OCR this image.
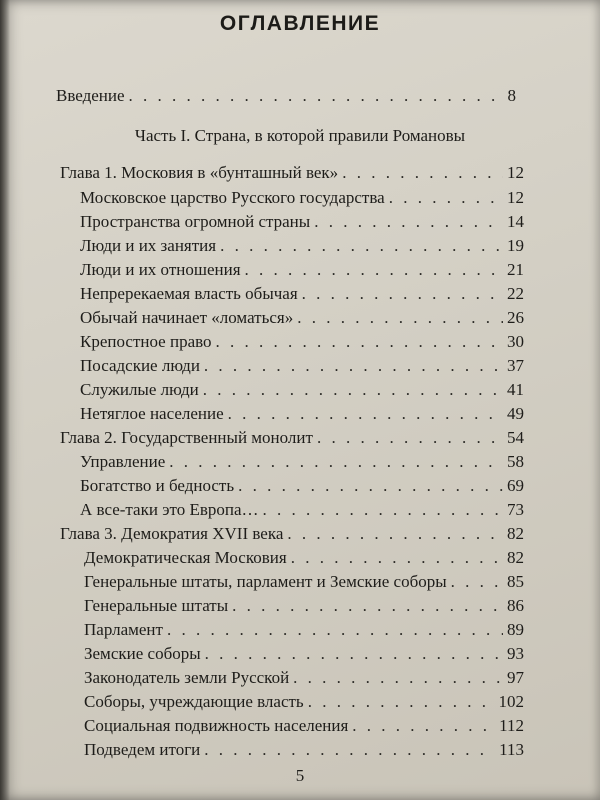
ОГЛАВЛЕНИЕ
Введение . . .	8
Часть I. Страна, в которой правили Романовы
Глава 1. Московия в «бунташный век» . . .	12
Московское царство Русского государства . . .	12
Пространства огромной страны . . .	14
Люди и их занятия . . .	19
Люди и их отношения . . .	21
Непререкаемая власть обычая . . .	22
Обычай начинает «ломаться» . . .	26
Крепостное право . . .	30
Посадские люди . . .	37
Служилые люди . . .	41
Нетяглое население . . .	49
Глава 2. Государственный монолит . . .	54
Управление . . .	58
Богатство и бедность . . .	69
А все-таки это Европа… . . .	73
Глава 3. Демократия XVII века . . .	82
Демократическая Московия . . .	82
Генеральные штаты, парламент и Земские соборы . . .	85
Генеральные штаты . . .	86
Парламент . . .	89
Земские соборы . . .	93
Законодатель земли Русской . . .	97
Соборы, учреждающие власть . . .	102
Социальная подвижность населения . . .	112
Подведем итоги . . .	113
5
